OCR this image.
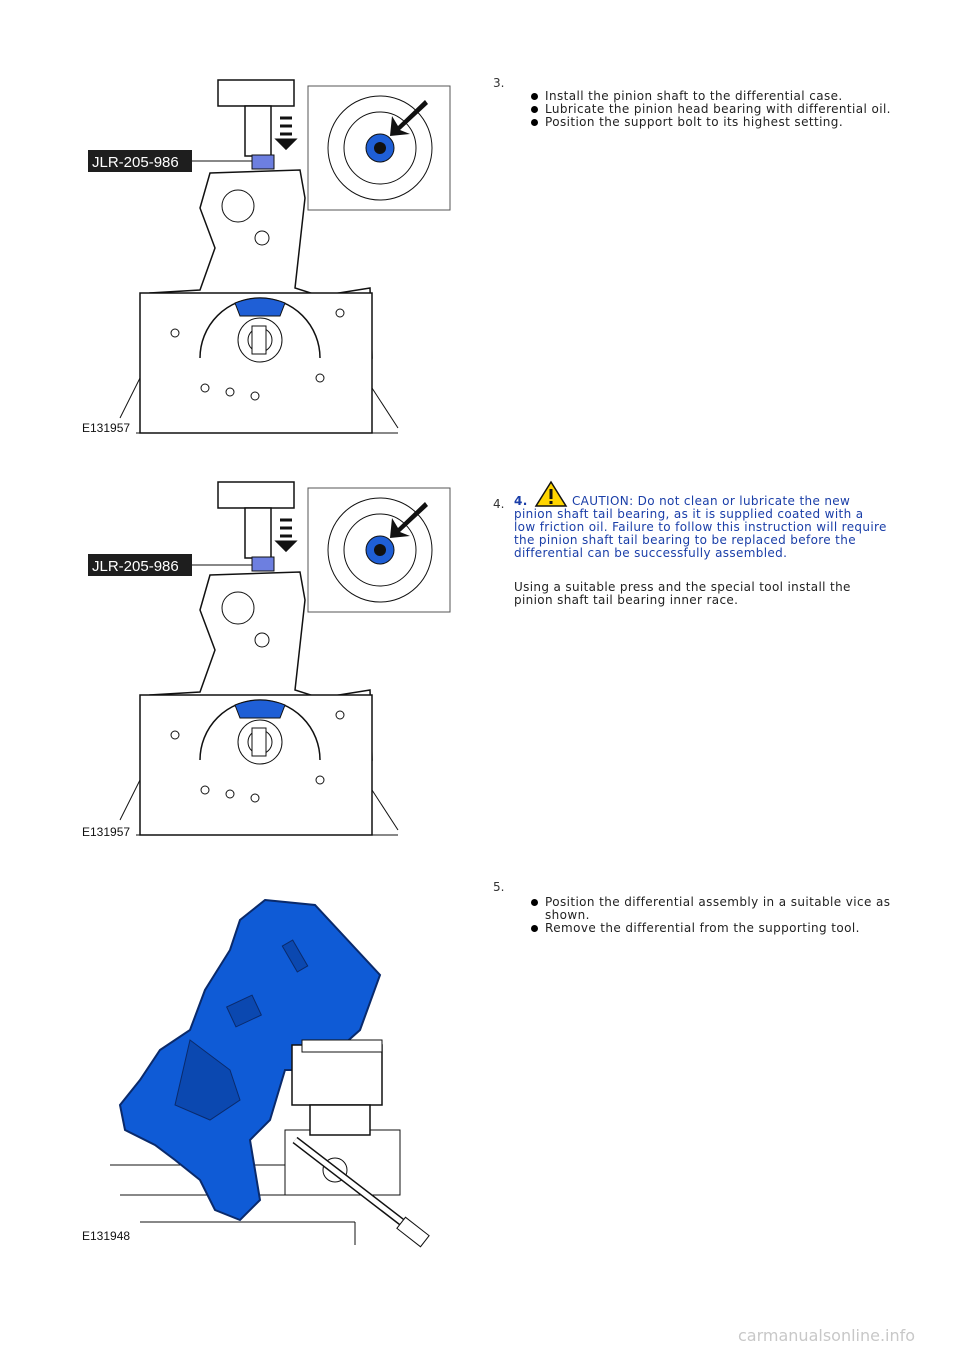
JLR-205-986
E131957
3.
Install the pinion shaft to the differential case.
Lubricate the pinion head bearing with differential oil.
Position the support bolt to its highest setting.
JLR-205-986
E131957
4. 4.	CAUTION: Do not clean or lubricate the new pinion shaft tail bearing, as it is supplied coated with a low friction oil. Failure to follow this instruction will require the pinion shaft tail bearing to be replaced before the differential can be successfully assembled.
Using a suitable press and the special tool install the pinion shaft tail bearing inner race.
E131948
5.
Position the differential assembly in a suitable vice as shown.
Remove the differential from the supporting tool.
carmanualsonline.info
